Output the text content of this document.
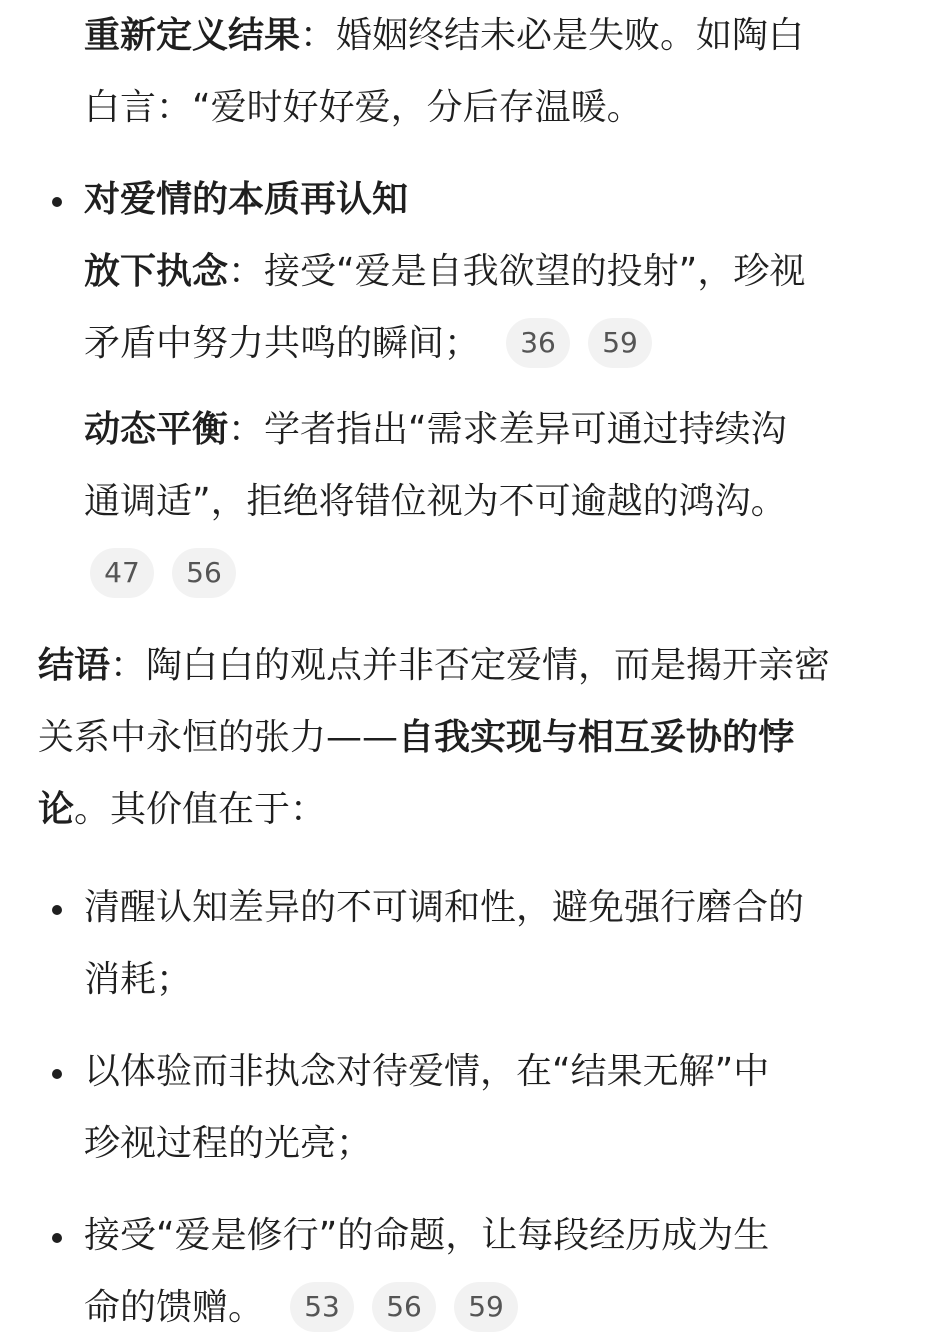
重新定义结果：婚姻终结未必是失败。如陶白
白言：“爱时好好爱，分后存温暖。
对爱情的本质再认知
放下执念：接受“爱是自我欲望的投射”，珍视
矛盾中努力共鸣的瞬间； 36 59
动态平衡：学者指出“需求差异可通过持续沟
通调适”，拒绝将错位视为不可逾越的鸿沟。
47 56
结语：陶白白的观点并非否定爱情，而是揭开亲密
关系中永恒的张力——自我实现与相互妥协的悖
论。其价值在于：
清醒认知差异的不可调和性，避免强行磨合的
消耗；
以体验而非执念对待爱情，在“结果无解”中
珍视过程的光亮；
接受“爱是修行”的命题，让每段经历成为生
命的馈赠。 53 56 59
